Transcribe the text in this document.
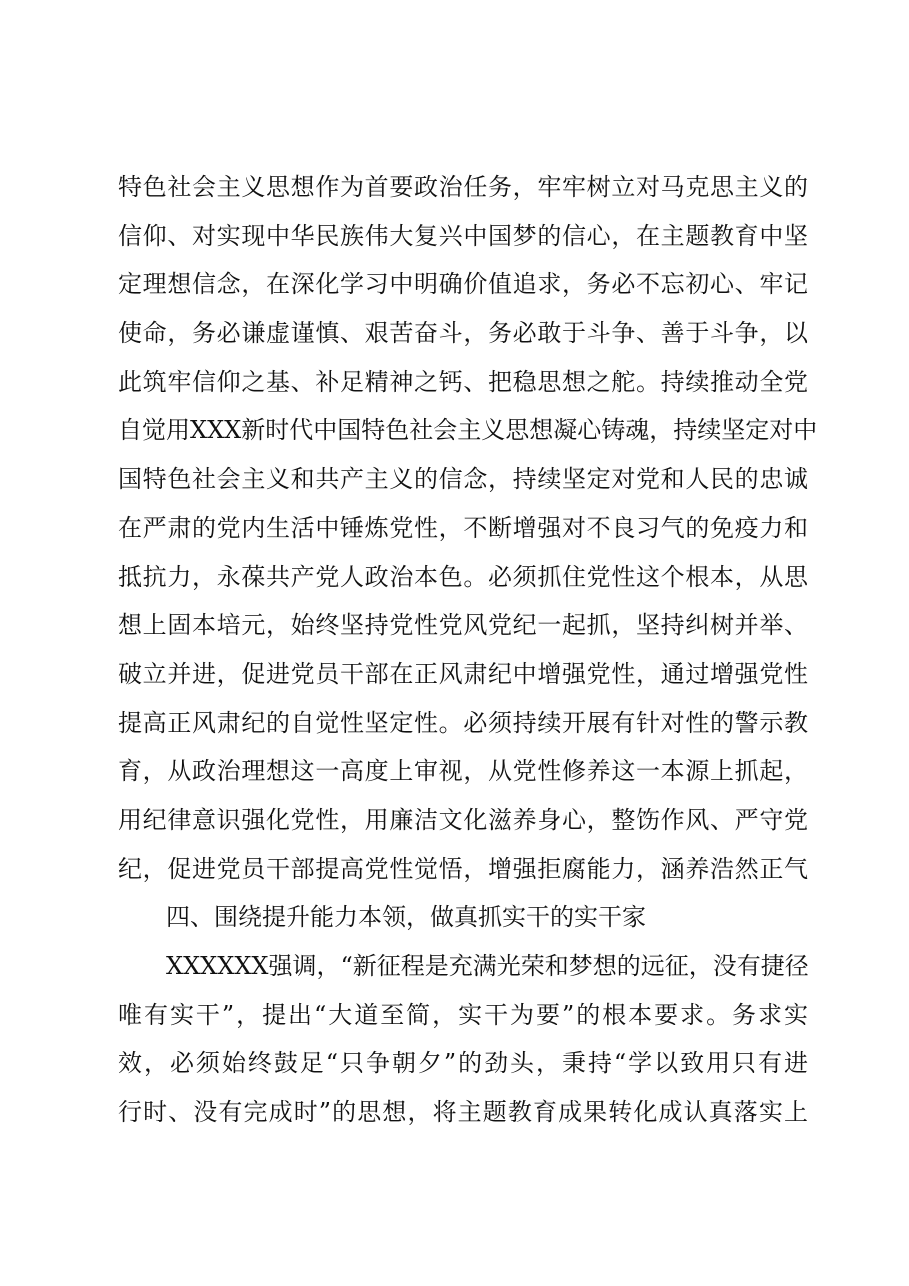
特色社会主义思想作为首要政治任务，牢牢树立对马克思主义的
信仰、对实现中华民族伟大复兴中国梦的信心，在主题教育中坚
定理想信念，在深化学习中明确价值追求，务必不忘初心、牢记
使命，务必谦虚谨慎、艰苦奋斗，务必敢于斗争、善于斗争，以
此筑牢信仰之基、补足精神之钙、把稳思想之舵。持续推动全党
自觉用XXX新时代中国特色社会主义思想凝心铸魂，持续坚定对中
国特色社会主义和共产主义的信念，持续坚定对党和人民的忠诚
在严肃的党内生活中锤炼党性，不断增强对不良习气的免疫力和
抵抗力，永葆共产党人政治本色。必须抓住党性这个根本，从思
想上固本培元，始终坚持党性党风党纪一起抓，坚持纠树并举、
破立并进，促进党员干部在正风肃纪中增强党性，通过增强党性
提高正风肃纪的自觉性坚定性。必须持续开展有针对性的警示教
育，从政治理想这一高度上审视，从党性修养这一本源上抓起，
用纪律意识强化党性，用廉洁文化滋养身心，整饬作风、严守党
纪，促进党员干部提高党性觉悟，增强拒腐能力，涵养浩然正气
四、围绕提升能力本领，做真抓实干的实干家
XXXXXX强调，“新征程是充满光荣和梦想的远征，没有捷径
唯有实干”，提出“大道至简，实干为要”的根本要求。务求实
效，必须始终鼓足“只争朝夕”的劲头，秉持“学以致用只有进
行时、没有完成时”的思想，将主题教育成果转化成认真落实上
